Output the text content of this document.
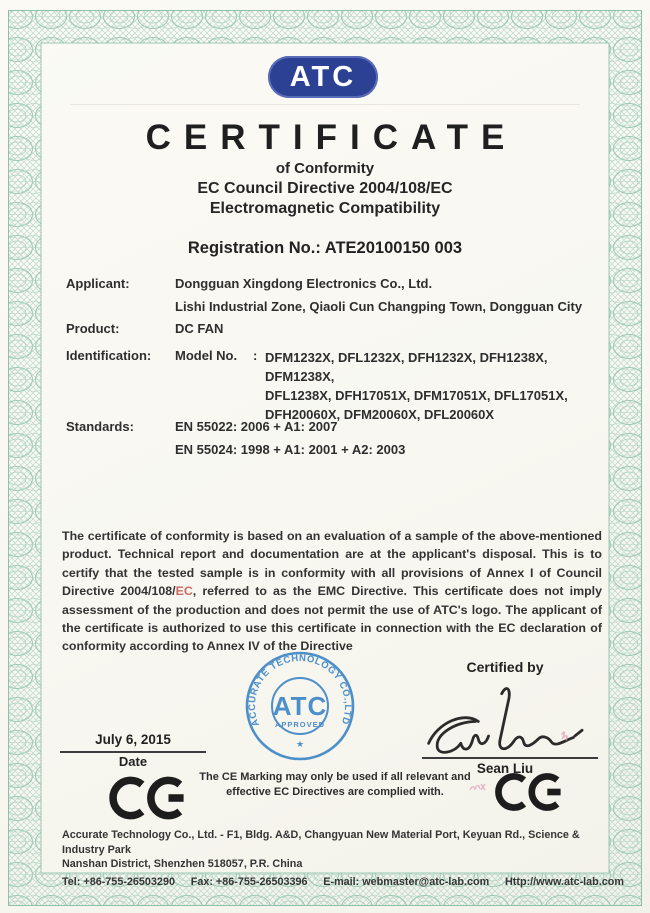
ATC
CERTIFICATE
of Conformity
EC Council Directive 2004/108/EC
Electromagnetic Compatibility
Registration No.: ATE20100150 003
Applicant:	Dongguan Xingdong Electronics Co., Ltd.
Lishi Industrial Zone, Qiaoli Cun Changping Town, Dongguan City
Product:	DC FAN
Identification:	Model No. : DFM1232X, DFL1232X, DFH1232X, DFH1238X, DFM1238X,
DFL1238X, DFH17051X, DFM17051X, DFL17051X,
DFH20060X, DFM20060X, DFL20060X
Standards:	EN 55022: 2006 + A1: 2007
EN 55024: 1998 + A1: 2001 + A2: 2003
The certificate of conformity is based on an evaluation of a sample of the above-mentioned product. Technical report and documentation are at the applicant's disposal. This is to certify that the tested sample is in conformity with all provisions of Annex I of Council Directive 2004/108/EC, referred to as the EMC Directive. This certificate does not imply assessment of the production and does not permit the use of ATC's logo. The applicant of the certificate is authorized to use this certificate in connection with the EC declaration of conformity according to Annex IV of the Directive
ACCURATE TECHNOLOGY CO.,LTD
ATC
APPROVED
★
Certified by
Sean Liu
July 6, 2015
Date
The CE Marking may only be used if all relevant and effective EC Directives are complied with.
Accurate Technology Co., Ltd. - F1, Bldg. A&D, Changyuan New Material Port, Keyuan Rd., Science & Industry Park
Nanshan District, Shenzhen 518057, P.R. China
Tel: +86-755-26503290 Fax: +86-755-26503396 E-mail: webmaster@atc-lab.com Http://www.atc-lab.com
